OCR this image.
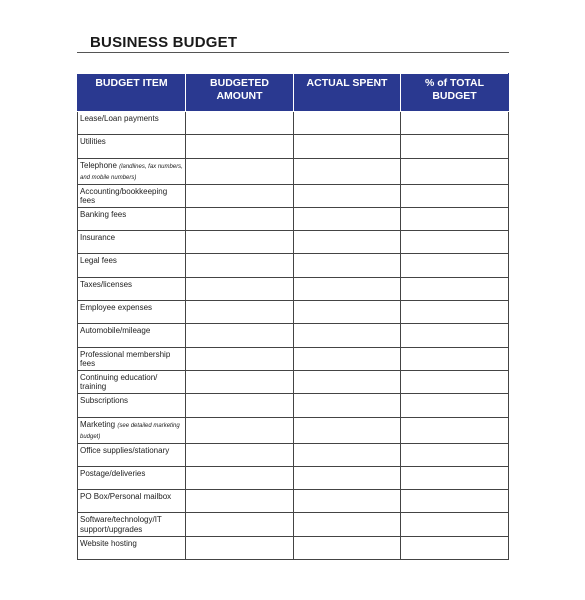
BUSINESS BUDGET
BUDGET ITEM	BUDGETED AMOUNT	ACTUAL SPENT	% of TOTAL BUDGET
Lease/Loan payments			
Utilities			
Telephone (landlines, fax numbers, and mobile numbers)			
Accounting/bookkeeping fees			
Banking fees			
Insurance			
Legal fees			
Taxes/licenses			
Employee expenses			
Automobile/mileage			
Professional membership fees			
Continuing education/ training			
Subscriptions			
Marketing (see detailed marketing budget)			
Office supplies/stationary			
Postage/deliveries			
PO Box/Personal mailbox			
Software/technology/IT support/upgrades			
Website hosting			
